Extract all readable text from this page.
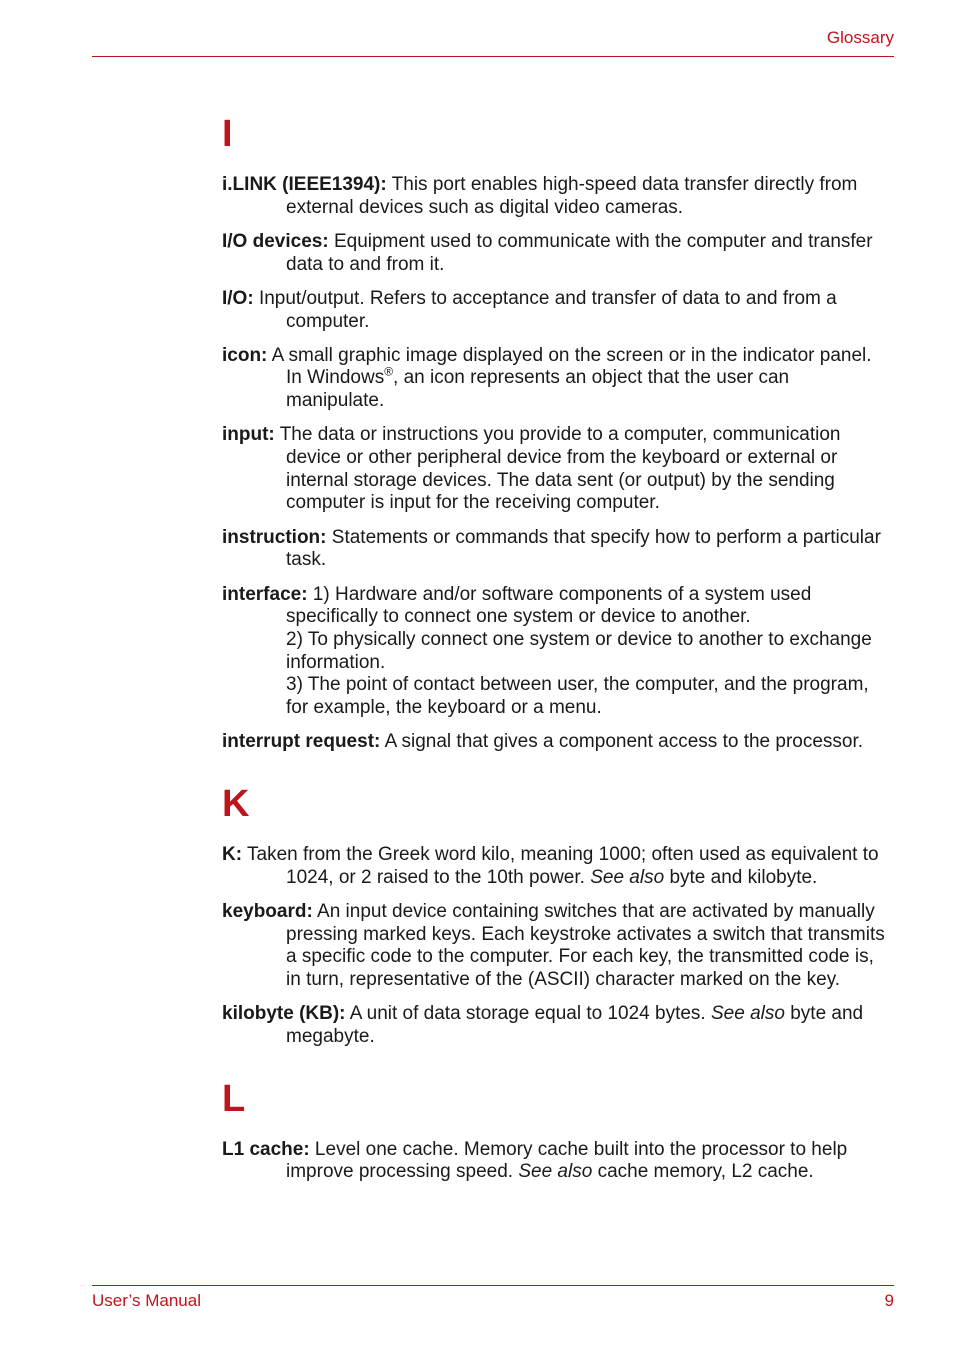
Glossary
I

i.LINK (IEEE1394): This port enables high-speed data transfer directly from external devices such as digital video cameras.

I/O devices: Equipment used to communicate with the computer and transfer data to and from it.

I/O: Input/output. Refers to acceptance and transfer of data to and from a computer.

icon: A small graphic image displayed on the screen or in the indicator panel. In Windows®, an icon represents an object that the user can manipulate.

input: The data or instructions you provide to a computer, communication device or other peripheral device from the keyboard or external or internal storage devices. The data sent (or output) by the sending computer is input for the receiving computer.

instruction: Statements or commands that specify how to perform a particular task.

interface: 1) Hardware and/or software components of a system used specifically to connect one system or device to another.
2) To physically connect one system or device to another to exchange information.
3) The point of contact between user, the computer, and the program, for example, the keyboard or a menu.

interrupt request: A signal that gives a component access to the processor.

K

K: Taken from the Greek word kilo, meaning 1000; often used as equivalent to 1024, or 2 raised to the 10th power. See also byte and kilobyte.

keyboard: An input device containing switches that are activated by manually pressing marked keys. Each keystroke activates a switch that transmits a specific code to the computer. For each key, the transmitted code is, in turn, representative of the (ASCII) character marked on the key.

kilobyte (KB): A unit of data storage equal to 1024 bytes. See also byte and megabyte.

L

L1 cache: Level one cache. Memory cache built into the processor to help improve processing speed. See also cache memory, L2 cache.

User’s Manual	9
